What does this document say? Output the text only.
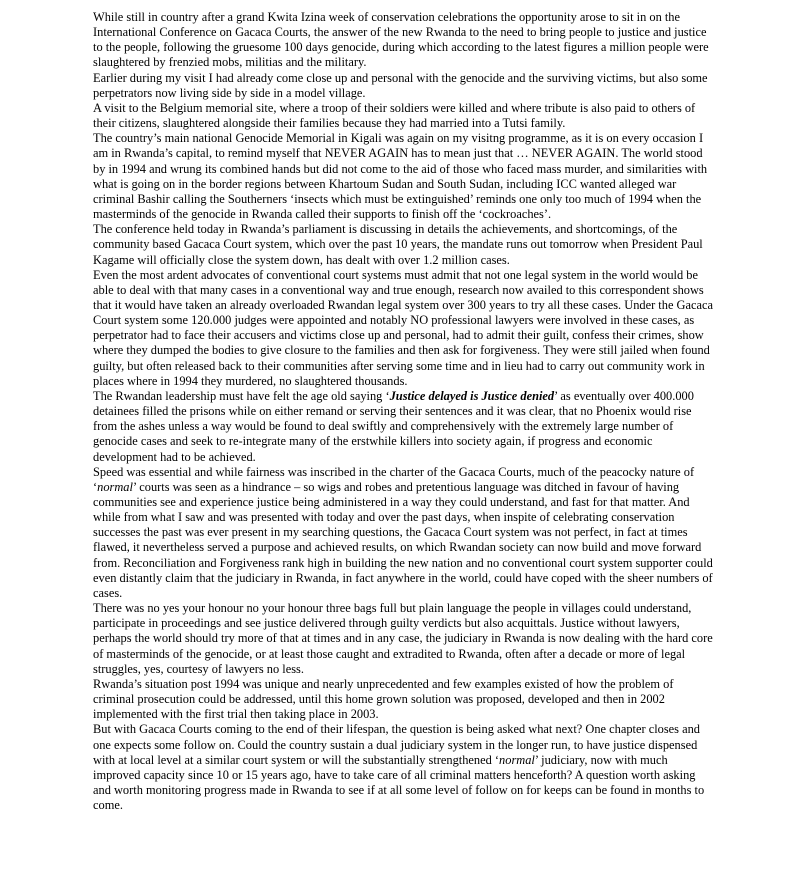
While still in country after a grand Kwita Izina week of conservation celebrations the opportunity arose to sit in on the International Conference on Gacaca Courts, the answer of the new Rwanda to the need to bring people to justice and justice to the people, following the gruesome 100 days genocide, during which according to the latest figures a million people were slaughtered by frenzied mobs, militias and the military.

Earlier during my visit I had already come close up and personal with the genocide and the surviving victims, but also some perpetrators now living side by side in a model village.

A visit to the Belgium memorial site, where a troop of their soldiers were killed and where tribute is also paid to others of their citizens, slaughtered alongside their families because they had married into a Tutsi family.

The country’s main national Genocide Memorial in Kigali was again on my visitng programme, as it is on every occasion I am in Rwanda’s capital, to remind myself that NEVER AGAIN has to mean just that … NEVER AGAIN. The world stood by in 1994 and wrung its combined hands but did not come to the aid of those who faced mass murder, and similarities with what is going on in the border regions between Khartoum Sudan and South Sudan, including ICC wanted alleged war criminal Bashir calling the Southerners ‘insects which must be extinguished’ reminds one only too much of 1994 when the masterminds of the genocide in Rwanda called their supports to finish off the ‘cockroaches’.

The conference held today in Rwanda’s parliament is discussing in details the achievements, and shortcomings, of the community based Gacaca Court system, which over the past 10 years, the mandate runs out tomorrow when President Paul Kagame will officially close the system down, has dealt with over 1.2 million cases.

Even the most ardent advocates of conventional court systems must admit that not one legal system in the world would be able to deal with that many cases in a conventional way and true enough, research now availed to this correspondent shows that it would have taken an already overloaded Rwandan legal system over 300 years to try all these cases. Under the Gacaca Court system some 120.000 judges were appointed and notably NO professional lawyers were involved in these cases, as perpetrator had to face their accusers and victims close up and personal, had to admit their guilt, confess their crimes, show where they dumped the bodies to give closure to the families and then ask for forgiveness. They were still jailed when found guilty, but often released back to their communities after serving some time and in lieu had to carry out community work in places where in 1994 they murdered, no slaughtered thousands.

The Rwandan leadership must have felt the age old saying ‘Justice delayed is Justice denied’ as eventually over 400.000 detainees filled the prisons while on either remand or serving their sentences and it was clear, that no Phoenix would rise from the ashes unless a way would be found to deal swiftly and comprehensively with the extremely large number of genocide cases and seek to re-integrate many of the erstwhile killers into society again, if progress and economic development had to be achieved.

Speed was essential and while fairness was inscribed in the charter of the Gacaca Courts, much of the peacocky nature of ‘normal’ courts was seen as a hindrance – so wigs and robes and pretentious language was ditched in favour of having communities see and experience justice being administered in a way they could understand, and fast for that matter. And while from what I saw and was presented with today and over the past days, when inspite of celebrating conservation successes the past was ever present in my searching questions, the Gacaca Court system was not perfect, in fact at times flawed, it nevertheless served a purpose and achieved results, on which Rwandan society can now build and move forward from. Reconciliation and Forgiveness rank high in building the new nation and no conventional court system supporter could even distantly claim that the judiciary in Rwanda, in fact anywhere in the world, could have coped with the sheer numbers of cases.

There was no yes your honour no your honour three bags full but plain language the people in villages could understand, participate in proceedings and see justice delivered through guilty verdicts but also acquittals. Justice without lawyers, perhaps the world should try more of that at times and in any case, the judiciary in Rwanda is now dealing with the hard core of masterminds of the genocide, or at least those caught and extradited to Rwanda, often after a decade or more of legal struggles, yes, courtesy of lawyers no less.

Rwanda’s situation post 1994 was unique and nearly unprecedented and few examples existed of how the problem of criminal prosecution could be addressed, until this home grown solution was proposed, developed and then in 2002 implemented with the first trial then taking place in 2003.

But with Gacaca Courts coming to the end of their lifespan, the question is being asked what next? One chapter closes and one expects some follow on. Could the country sustain a dual judiciary system in the longer run, to have justice dispensed with at local level at a similar court system or will the substantially strengthened ‘normal’ judiciary, now with much improved capacity since 10 or 15 years ago, have to take care of all criminal matters henceforth? A question worth asking and worth monitoring progress made in Rwanda to see if at all some level of follow on for keeps can be found in months to come.
